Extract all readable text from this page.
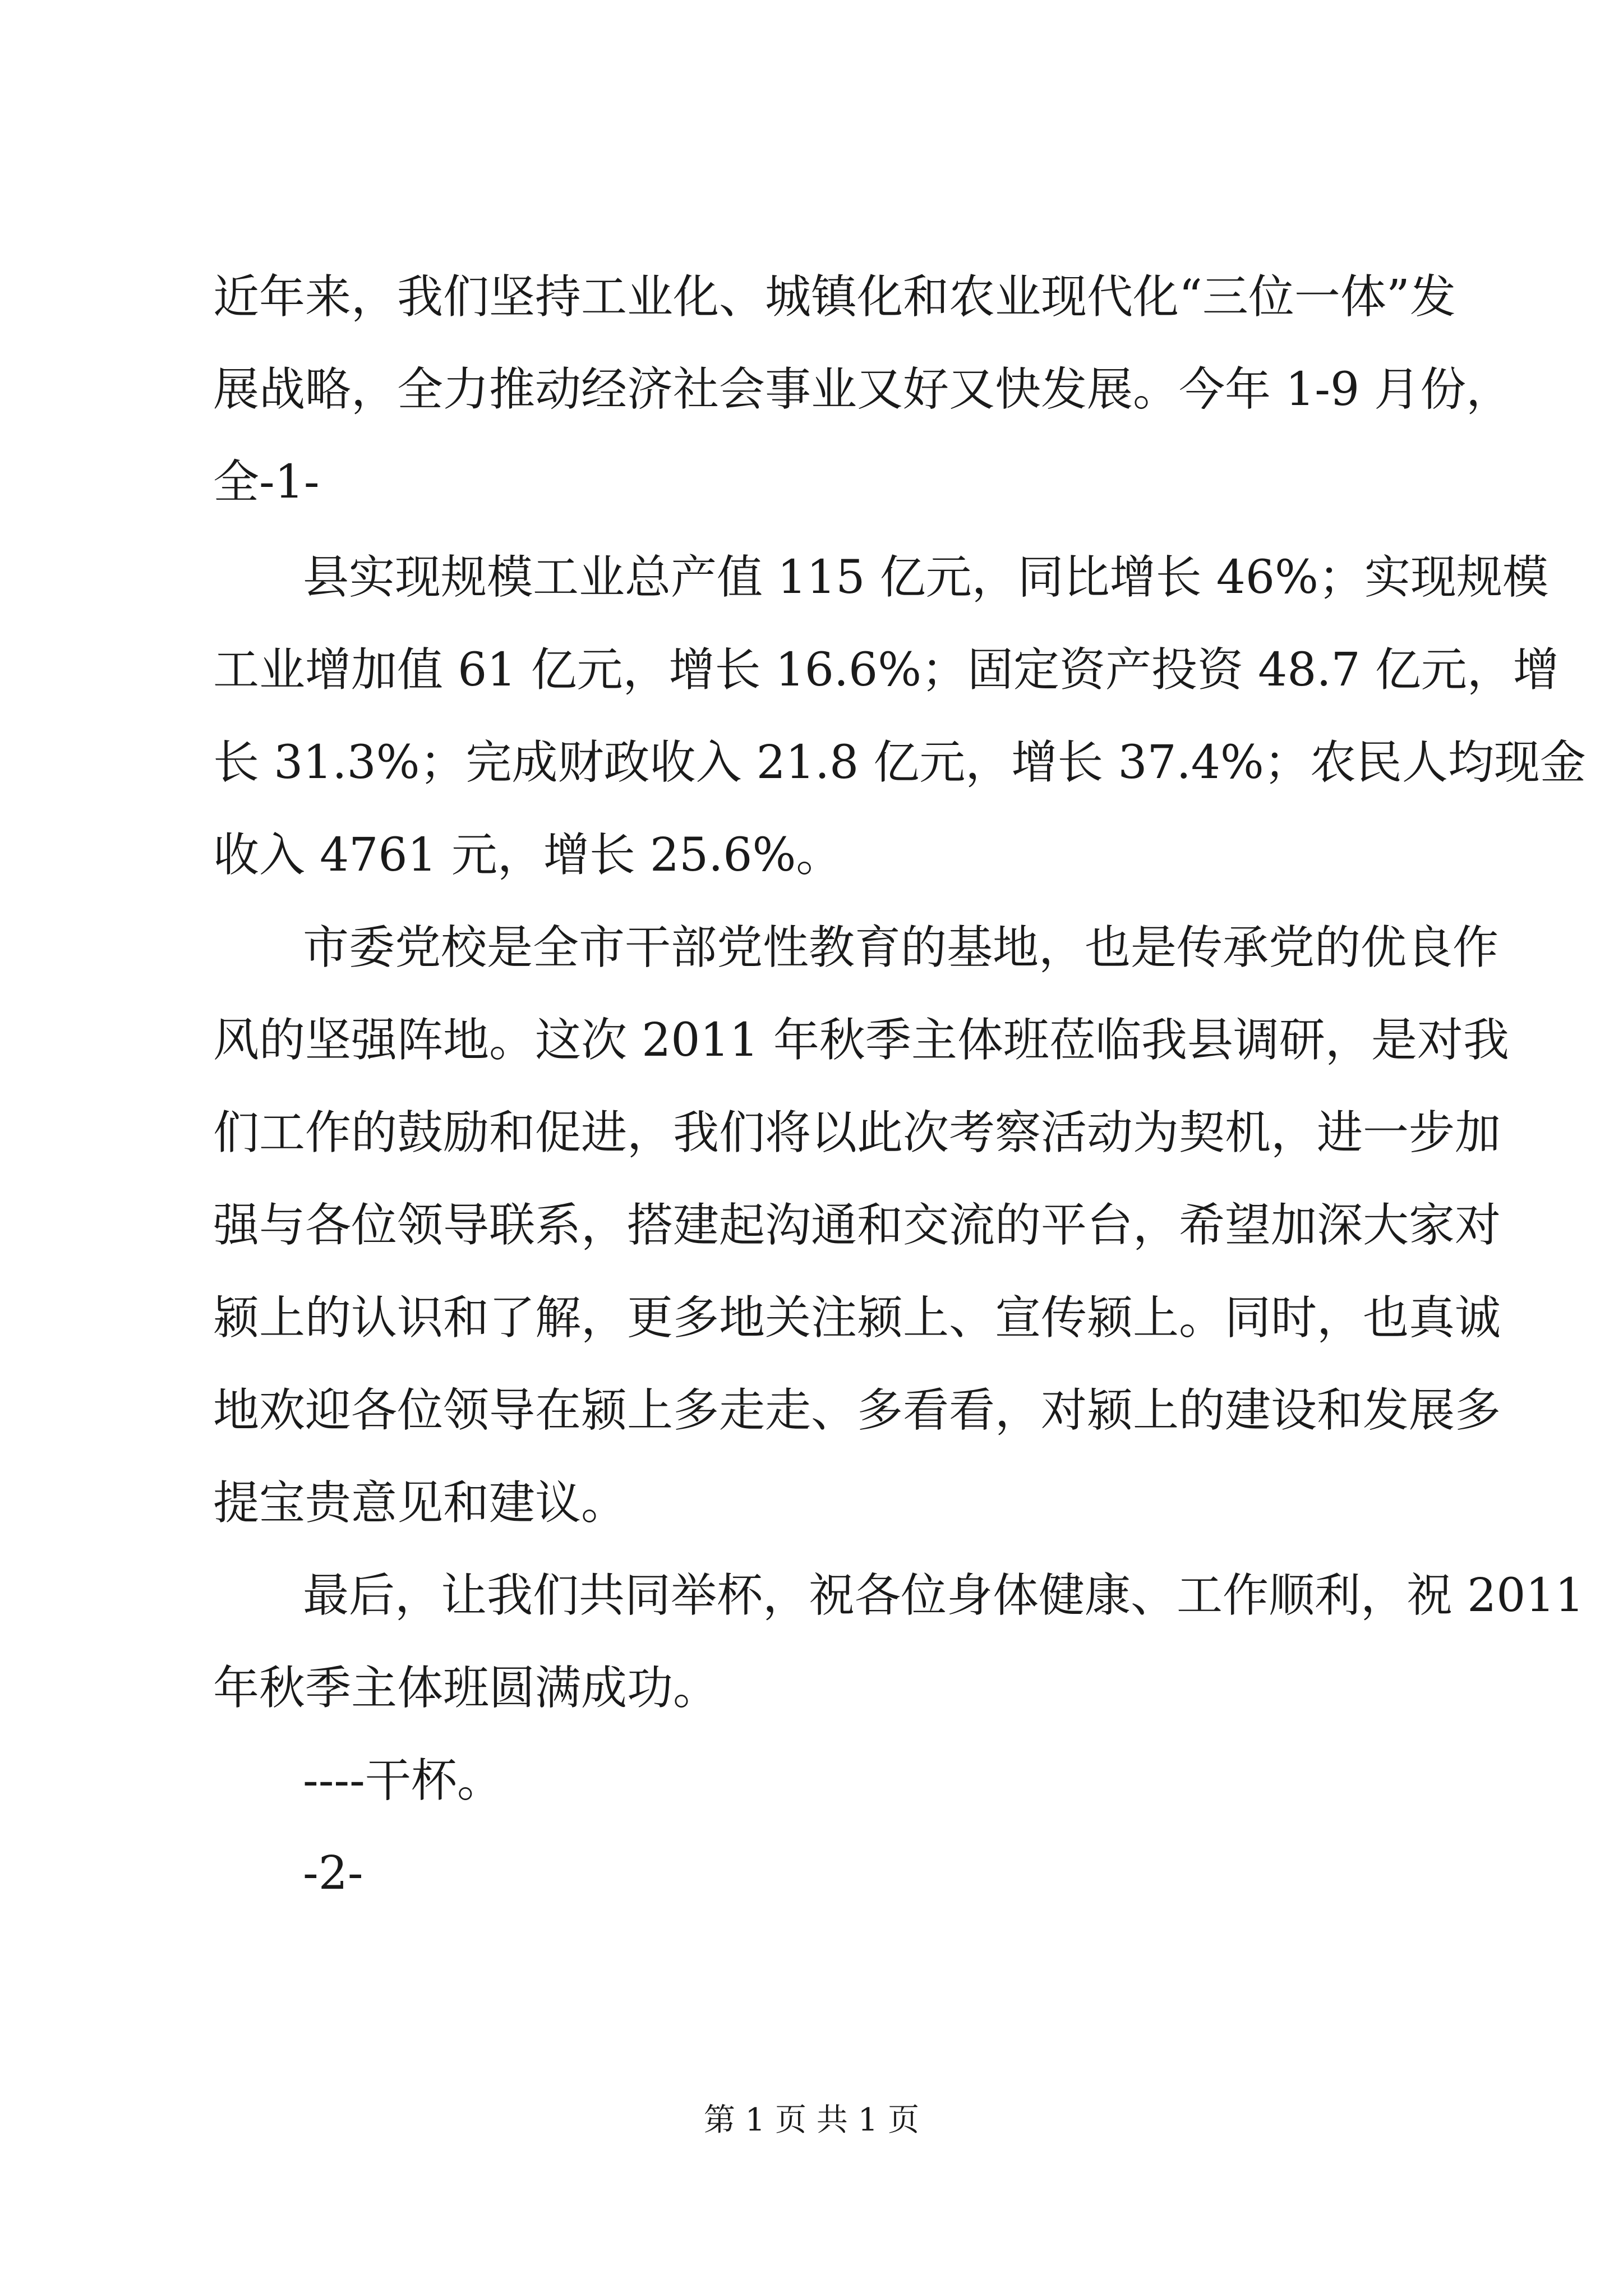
近年来，我们坚持工业化、城镇化和农业现代化“三位一体”发
展战略，全力推动经济社会事业又好又快发展。今年 1-9 月份，
全-1-
县实现规模工业总产值 115 亿元，同比增长 46%；实现规模
工业增加值 61 亿元，增长 16.6%；固定资产投资 48.7 亿元，增
长 31.3%；完成财政收入 21.8 亿元，增长 37.4%；农民人均现金
收入 4761 元，增长 25.6%。
市委党校是全市干部党性教育的基地，也是传承党的优良作
风的坚强阵地。这次 2011 年秋季主体班莅临我县调研，是对我
们工作的鼓励和促进，我们将以此次考察活动为契机，进一步加
强与各位领导联系，搭建起沟通和交流的平台，希望加深大家对
颍上的认识和了解，更多地关注颍上、宣传颍上。同时，也真诚
地欢迎各位领导在颍上多走走、多看看，对颍上的建设和发展多
提宝贵意见和建议。
最后，让我们共同举杯，祝各位身体健康、工作顺利，祝 2011
年秋季主体班圆满成功。
----干杯。
-2-
第 1 页 共 1 页
